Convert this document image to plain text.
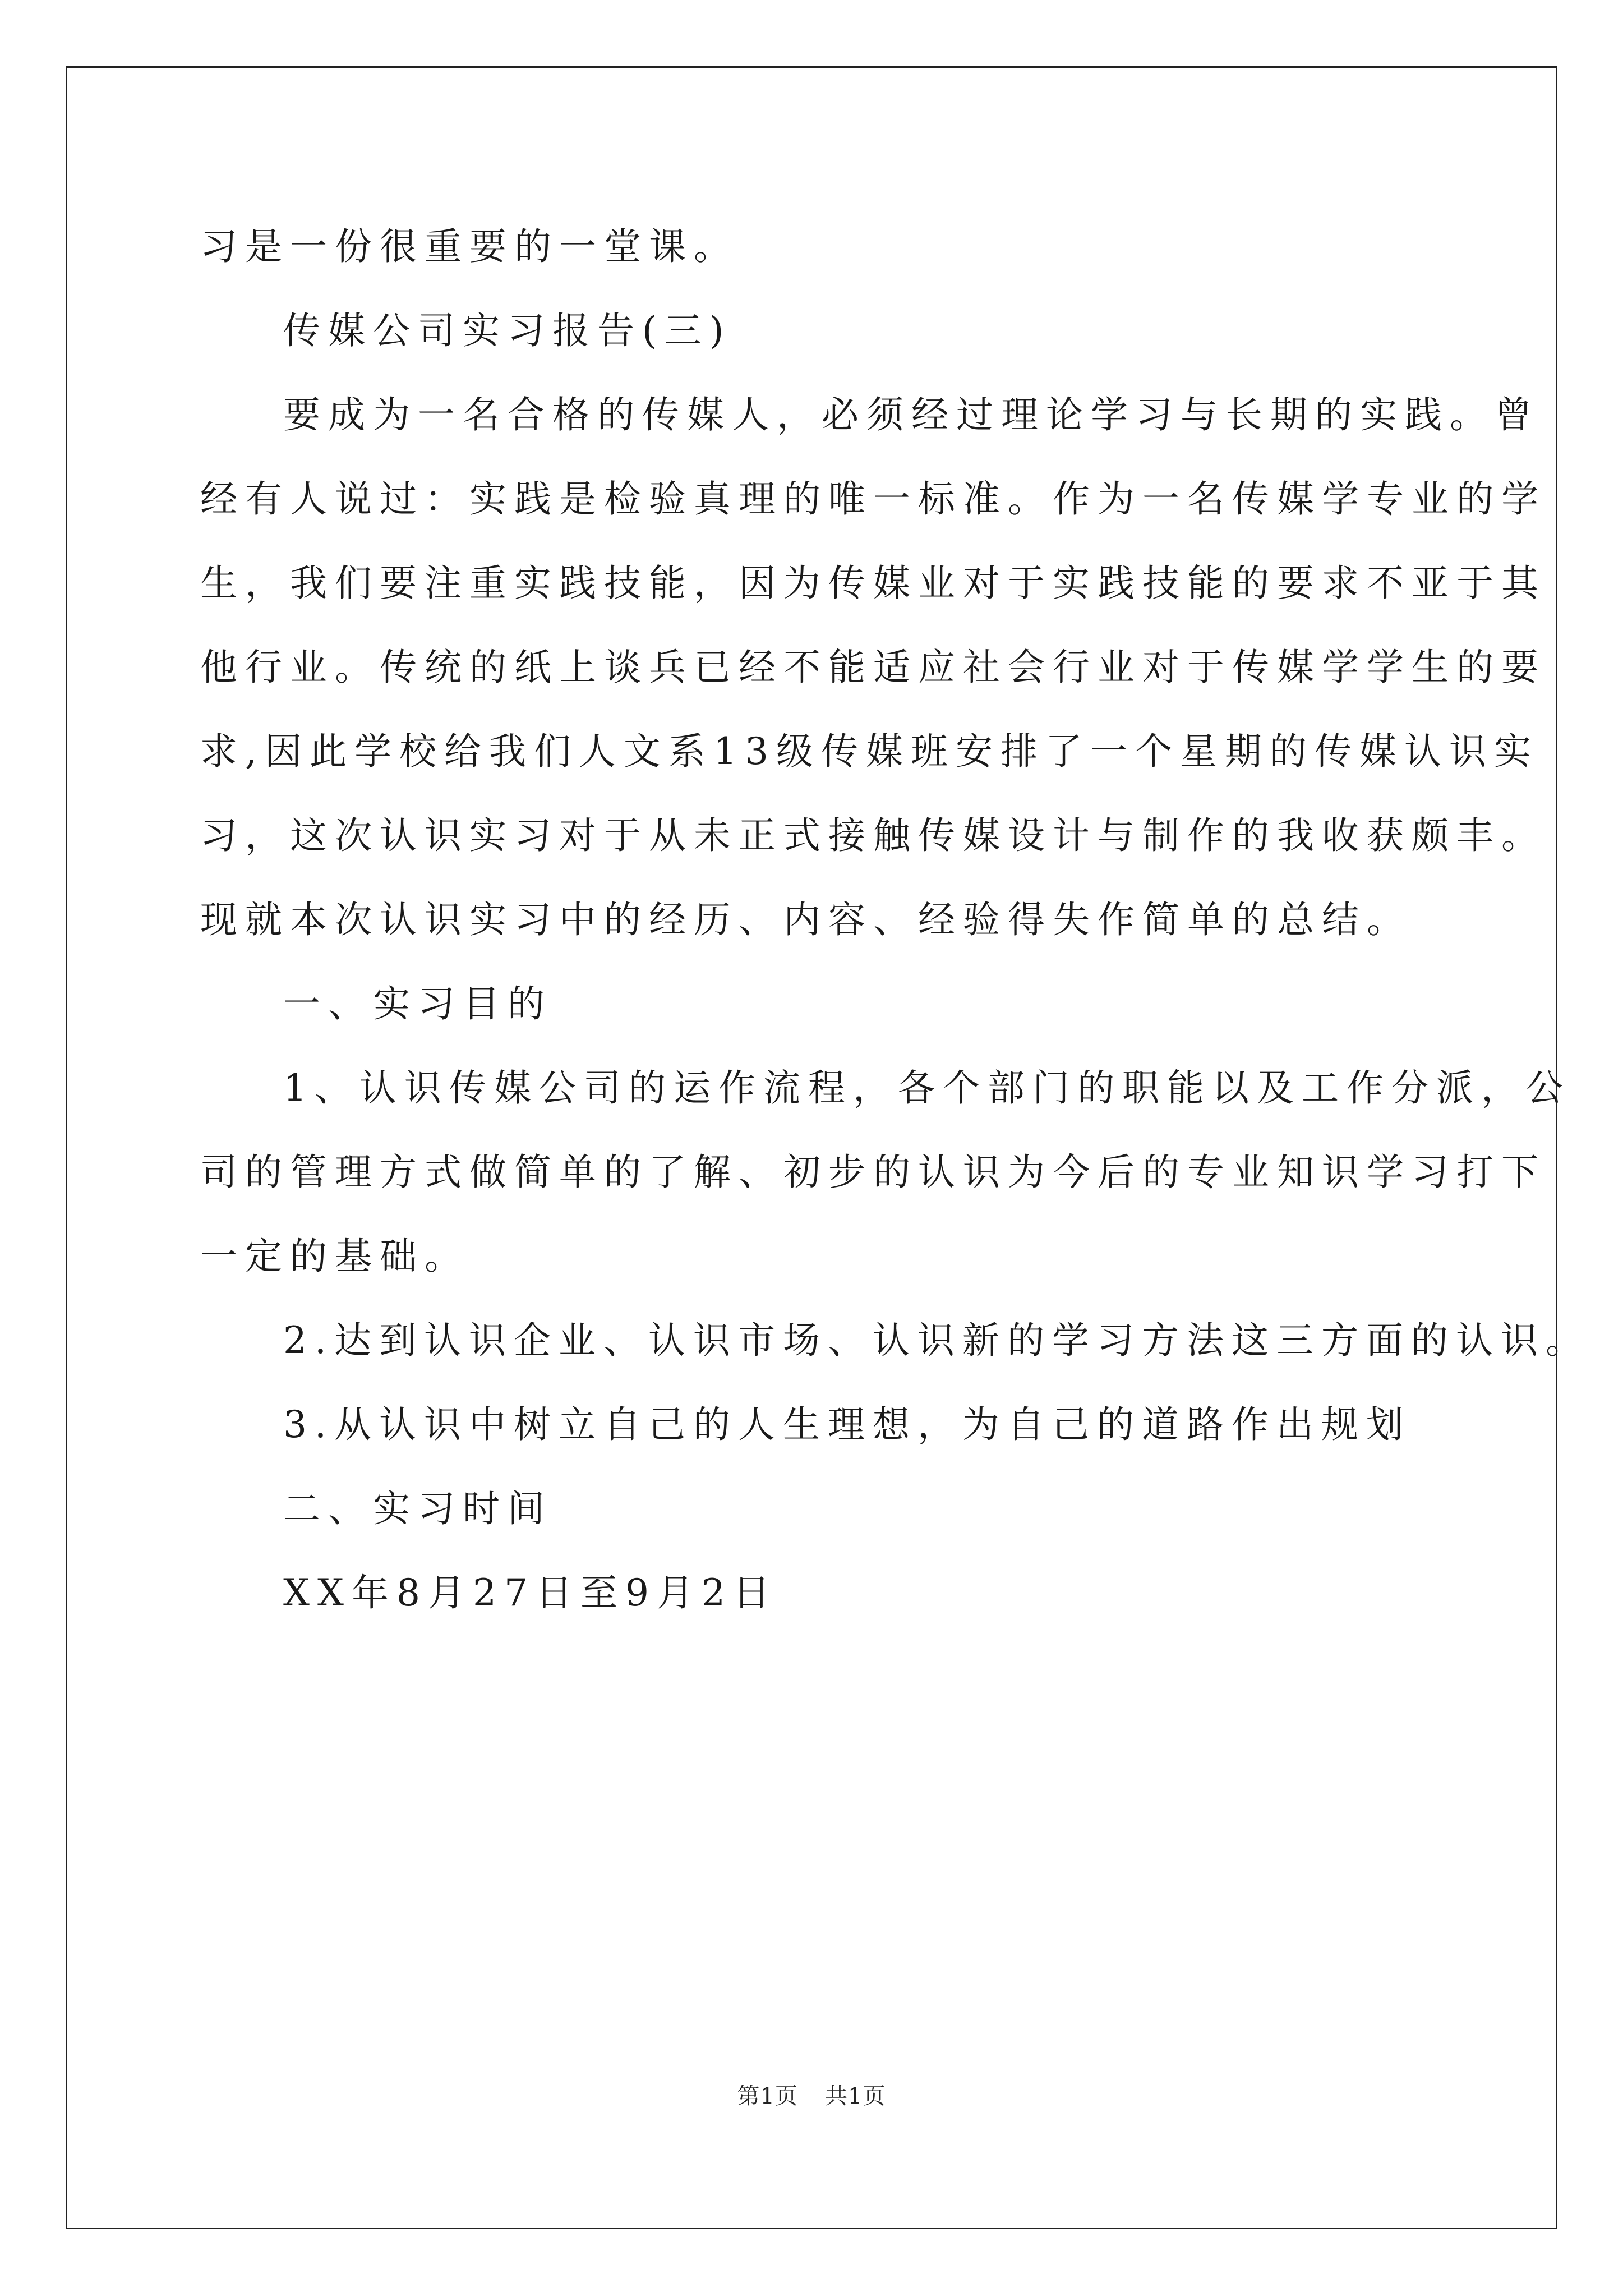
习是一份很重要的一堂课。
传媒公司实习报告(三)
要成为一名合格的传媒人，必须经过理论学习与长期的实践。曾
经有人说过：实践是检验真理的唯一标准。作为一名传媒学专业的学
生，我们要注重实践技能，因为传媒业对于实践技能的要求不亚于其
他行业。传统的纸上谈兵已经不能适应社会行业对于传媒学学生的要
求,因此学校给我们人文系13级传媒班安排了一个星期的传媒认识实
习，这次认识实习对于从未正式接触传媒设计与制作的我收获颇丰。
现就本次认识实习中的经历、内容、经验得失作简单的总结。
一、实习目的
1、认识传媒公司的运作流程，各个部门的职能以及工作分派，公
司的管理方式做简单的了解、初步的认识为今后的专业知识学习打下
一定的基础。
2.达到认识企业、认识市场、认识新的学习方法这三方面的认识。
3.从认识中树立自己的人生理想，为自己的道路作出规划
二、实习时间
XX年8月27日至9月2日
第1页 共1页
